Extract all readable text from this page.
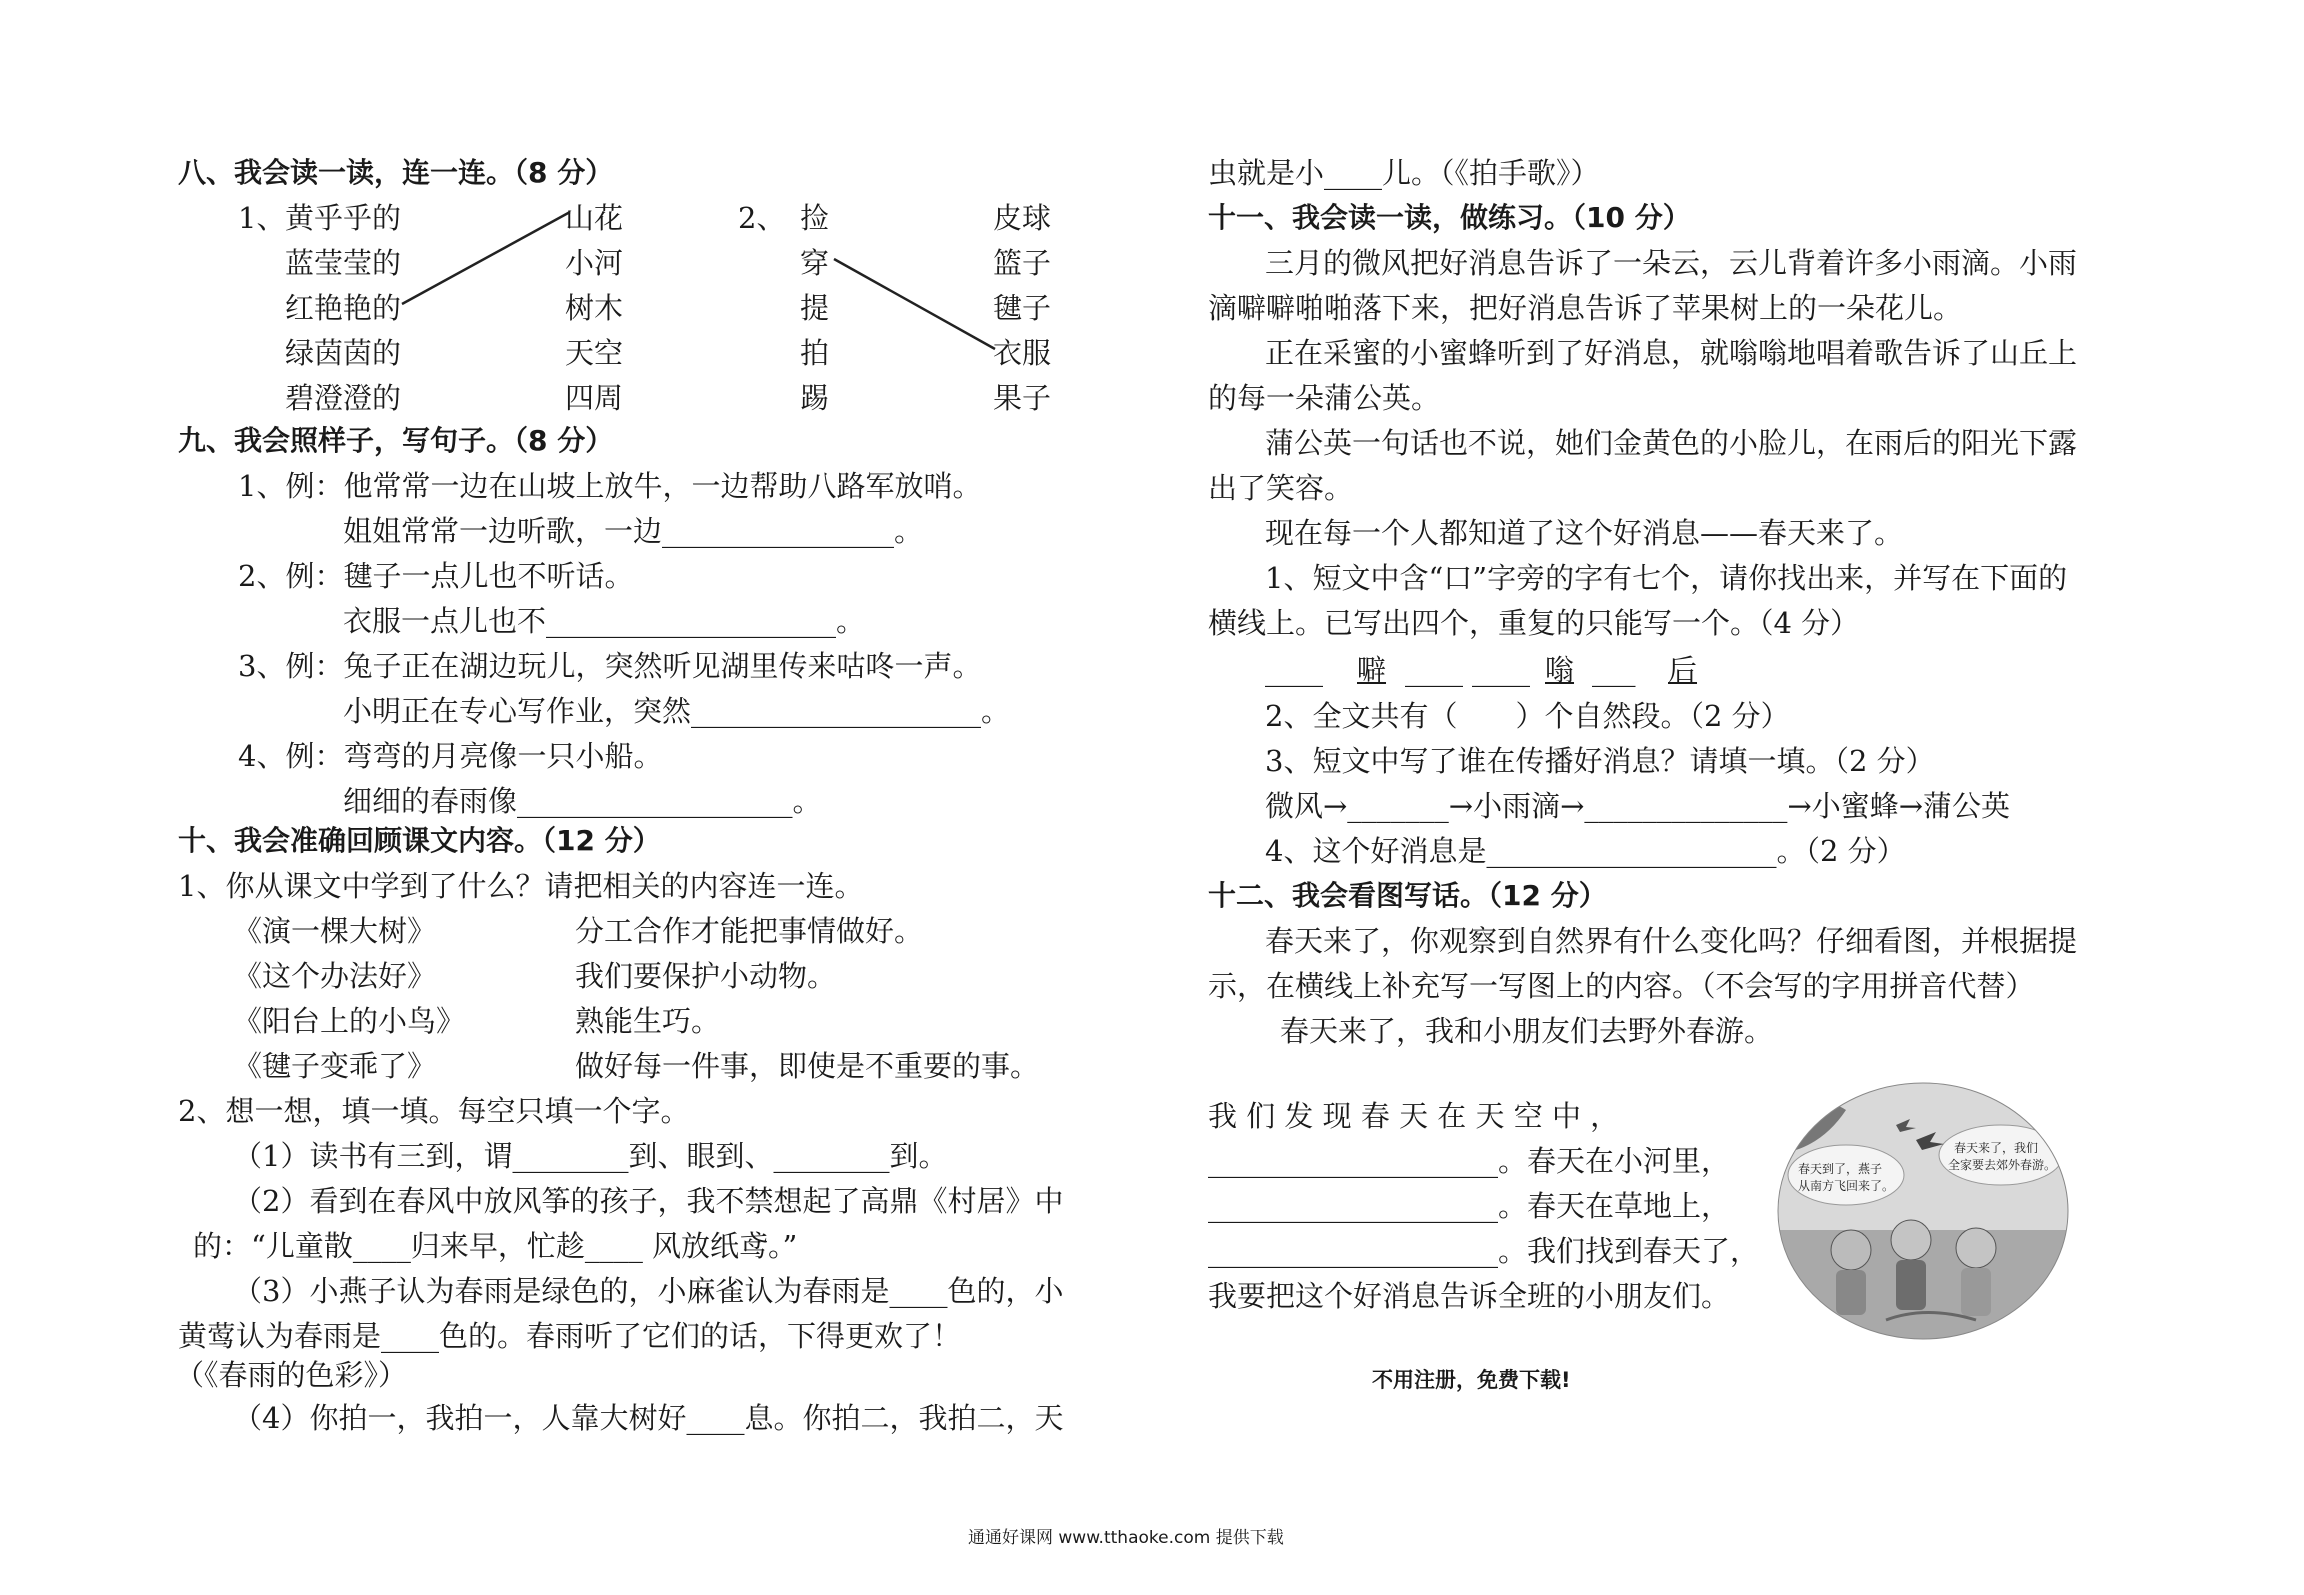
八、我会读一读，连一连。（8 分）
1、 黄乎乎的
蓝莹莹的
红艳艳的
绿茵茵的
碧澄澄的
山花
小河
树木
天空
四周
2、 捡
穿
提
拍
踢
皮球
篮子
毽子
衣服
果子
九、我会照样子，写句子。（8 分）
1、例：他常常一边在山坡上放牛，一边帮助八路军放哨。
姐姐常常一边听歌，一边________________。
2、例：毽子一点儿也不听话。
衣服一点儿也不____________________。
3、例：兔子正在湖边玩儿，突然听见湖里传来咕咚一声。
小明正在专心写作业，突然____________________。
4、例：弯弯的月亮像一只小船。
细细的春雨像___________________。
十、我会准确回顾课文内容。（12 分）
1、你从课文中学到了什么？请把相关的内容连一连。
《演一棵大树》
《这个办法好》
《阳台上的小鸟》
《毽子变乖了》
分工合作才能把事情做好。
我们要保护小动物。
熟能生巧。
做好每一件事，即使是不重要的事。
2、想一想，填一填。每空只填一个字。
（1）读书有三到，谓________到、眼到、________到。
（2）看到在春风中放风筝的孩子，我不禁想起了高鼎《村居》中
的：“儿童散____归来早，忙趁____ 风放纸鸢。”
（3）小燕子认为春雨是绿色的，小麻雀认为春雨是____色的，小
黄莺认为春雨是____色的。春雨听了它们的话，下得更欢了！
（《春雨的色彩》）
（4）你拍一，我拍一，人靠大树好____息。你拍二，我拍二，天
虫就是小____儿。（《拍手歌》）
十一、我会读一读，做练习。（10 分）
三月的微风把好消息告诉了一朵云，云儿背着许多小雨滴。小雨
滴噼噼啪啪落下来，把好消息告诉了苹果树上的一朵花儿。
正在采蜜的小蜜蜂听到了好消息，就嗡嗡地唱着歌告诉了山丘上
的每一朵蒲公英。
蒲公英一句话也不说，她们金黄色的小脸儿，在雨后的阳光下露
出了笑容。
现在每一个人都知道了这个好消息——春天来了。
1、短文中含“口”字旁的字有七个，请你找出来，并写在下面的
横线上。已写出四个，重复的只能写一个。（4 分）
____ 噼 ____ ____ 嗡 ___ 后
2、全文共有（　　）个自然段。（2 分）
3、短文中写了谁在传播好消息？请填一填。（2 分）
微风→_______→小雨滴→______________→小蜜蜂→蒲公英
4、这个好消息是____________________。（2 分）
十二、我会看图写话。（12 分）
春天来了，你观察到自然界有什么变化吗？仔细看图，并根据提
示，在横线上补充写一写图上的内容。（不会写的字用拼音代替）
春天来了，我和小朋友们去野外春游。
我 们 发 现 春 天 在 天 空 中 ，
____________________。春天在小河里，
____________________。春天在草地上，
____________________。我们找到春天了，
我要把这个好消息告诉全班的小朋友们。
春天到了，燕子
从南方飞回来了。
春天来了，我们
全家要去郊外春游。
不用注册，免费下载!
通通好课网 www.tthaoke.com 提供下载
